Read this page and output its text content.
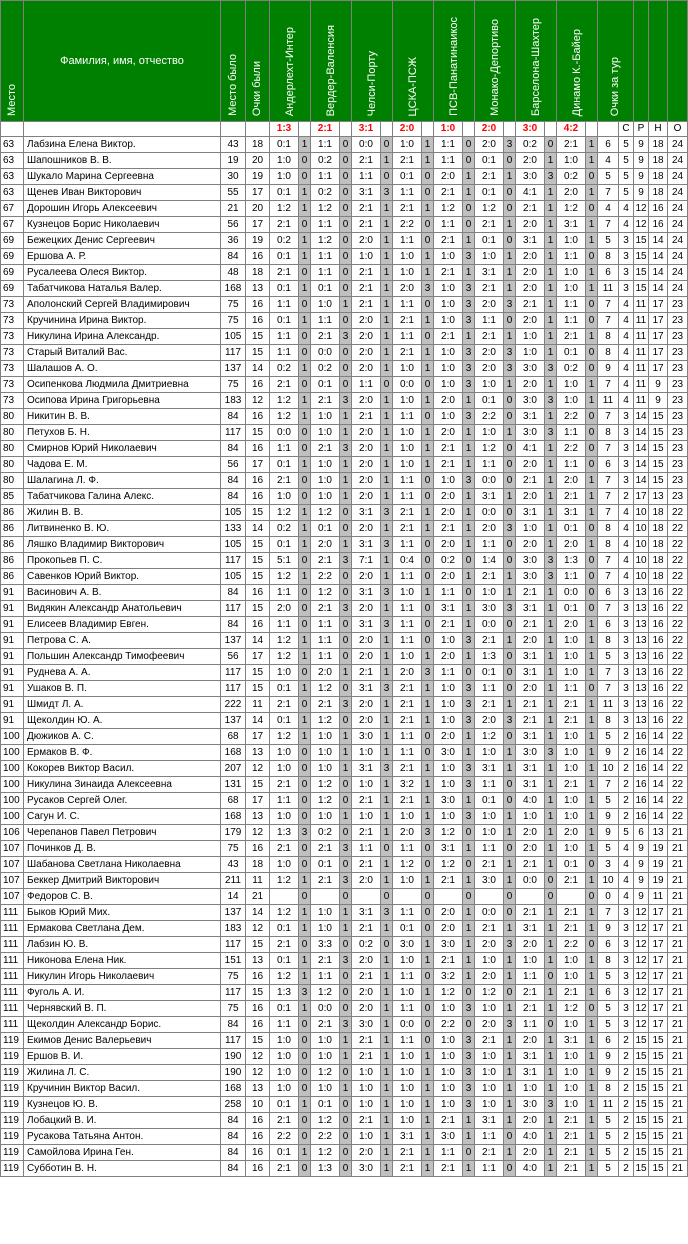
Место	Фамилия, имя, отчество	Место было	Очки были	Андерлехт-Интер		Вердер-Валенсия		Челси-Порту		ЦСКА-ПСЖ		ПСВ-Панатинаикос		Монако-Депортиво		Барселона-Шахтер		Динамо К.-Байер		Очки за тур				
				1:3		2:1		3:1		2:0		1:0		2:0		3:0		4:2			С	Р	Н	О
63	Лабзина Елена Виктор.	43	18	0:1	1	1:1	0	0:0	0	1:0	1	1:1	0	2:0	3	0:2	0	2:1	1	6	5	9	18	24
63	Шапошников В. В.	19	20	1:0	0	0:2	0	2:1	1	2:1	1	1:1	0	0:1	0	2:0	1	1:0	1	4	5	9	18	24
63	Шукало Марина Сергеевна	30	19	1:0	0	1:1	0	1:1	0	0:1	0	2:0	1	2:1	1	3:0	3	0:2	0	5	5	9	18	24
63	Щенев Иван Викторович	55	17	0:1	1	0:2	0	3:1	3	1:1	0	2:1	1	0:1	0	4:1	1	2:0	1	7	5	9	18	24
67	Дорошин Игорь Алексеевич	21	20	1:2	1	1:2	0	2:1	1	2:1	1	1:2	0	1:2	0	2:1	1	1:2	0	4	4	12	16	24
67	Кузнецов Борис Николаевич	56	17	2:1	0	1:1	0	2:1	1	2:2	0	1:1	0	2:1	1	2:0	1	3:1	1	7	4	12	16	24
69	Бежецких Денис Сергеевич	36	19	0:2	1	1:2	0	2:0	1	1:1	0	2:1	1	0:1	0	3:1	1	1:0	1	5	3	15	14	24
69	Ершова А. Р.	84	16	0:1	1	1:1	0	1:0	1	1:0	1	1:0	3	1:0	1	2:0	1	1:1	0	8	3	15	14	24
69	Русалеева Олеся Виктор.	48	18	2:1	0	1:1	0	2:1	1	1:0	1	2:1	1	3:1	1	2:0	1	1:0	1	6	3	15	14	24
69	Табатчикова Наталья Валер.	168	13	0:1	1	0:1	0	2:1	1	2:0	3	1:0	3	2:1	1	2:0	1	1:0	1	11	3	15	14	24
73	Аполонский Сергей Владимирович	75	16	1:1	0	1:0	1	2:1	1	1:1	0	1:0	3	2:0	3	2:1	1	1:1	0	7	4	11	17	23
73	Кручинина Ирина Виктор.	75	16	0:1	1	1:1	0	2:0	1	2:1	1	1:0	3	1:1	0	2:0	1	1:1	0	7	4	11	17	23
73	Никулина Ирина Александр.	105	15	1:1	0	2:1	3	2:0	1	1:1	0	2:1	1	2:1	1	1:0	1	2:1	1	8	4	11	17	23
73	Старый Виталий Вас.	117	15	1:1	0	0:0	0	2:0	1	2:1	1	1:0	3	2:0	3	1:0	1	0:1	0	8	4	11	17	23
73	Шалашов А. О.	137	14	0:2	1	0:2	0	2:0	1	1:0	1	1:0	3	2:0	3	3:0	3	0:2	0	9	4	11	17	23
73	Осипенкова Людмила Дмитриевна	75	16	2:1	0	0:1	0	1:1	0	0:0	0	1:0	3	1:0	1	2:0	1	1:0	1	7	4	11	9	23
73	Осипова Ирина Григорьевна	183	12	1:2	1	2:1	3	2:0	1	1:0	1	2:0	1	0:1	0	3:0	3	1:0	1	11	4	11	9	23
80	Никитин В. В.	84	16	1:2	1	1:0	1	2:1	1	1:1	0	1:0	3	2:2	0	3:1	1	2:2	0	7	3	14	15	23
80	Петухов Б. Н.	117	15	0:0	0	1:0	1	2:0	1	1:0	1	2:0	1	1:0	1	3:0	3	1:1	0	8	3	14	15	23
80	Смирнов Юрий Николаевич	84	16	1:1	0	2:1	3	2:0	1	1:0	1	2:1	1	1:2	0	4:1	1	2:2	0	7	3	14	15	23
80	Чадова Е. М.	56	17	0:1	1	1:0	1	2:0	1	1:0	1	2:1	1	1:1	0	2:0	1	1:1	0	6	3	14	15	23
80	Шалагина Л. Ф.	84	16	2:1	0	1:0	1	2:0	1	1:1	0	1:0	3	0:0	0	2:1	1	2:0	1	7	3	14	15	23
85	Табатчикова Галина Алекс.	84	16	1:0	0	1:0	1	2:0	1	1:1	0	2:0	1	3:1	1	2:0	1	2:1	1	7	2	17	13	23
86	Жилин В. В.	105	15	1:2	1	1:2	0	3:1	3	2:1	1	2:0	1	0:0	0	3:1	1	3:1	1	7	4	10	18	22
86	Литвиненко В. Ю.	133	14	0:2	1	0:1	0	2:0	1	2:1	1	2:1	1	2:0	3	1:0	1	0:1	0	8	4	10	18	22
86	Ляшко Владимир Викторович	105	15	0:1	1	2:0	1	3:1	3	1:1	0	2:0	1	1:1	0	2:0	1	2:0	1	8	4	10	18	22
86	Прокопьев П. С.	117	15	5:1	0	2:1	3	7:1	1	0:4	0	0:2	0	1:4	0	3:0	3	1:3	0	7	4	10	18	22
86	Савенков Юрий Виктор.	105	15	1:2	1	2:2	0	2:0	1	1:1	0	2:0	1	2:1	1	3:0	3	1:1	0	7	4	10	18	22
91	Васинович А. В.	84	16	1:1	0	1:2	0	3:1	3	1:0	1	1:1	0	1:0	1	2:1	1	0:0	0	6	3	13	16	22
91	Видякин Александр Анатольевич	117	15	2:0	0	2:1	3	2:0	1	1:1	0	3:1	1	3:0	3	3:1	1	0:1	0	7	3	13	16	22
91	Елисеев Владимир Евген.	84	16	1:1	0	1:1	0	3:1	3	1:1	0	2:1	1	0:0	0	2:1	1	2:0	1	6	3	13	16	22
91	Петрова С. А.	137	14	1:2	1	1:1	0	2:0	1	1:1	0	1:0	3	2:1	1	2:0	1	1:0	1	8	3	13	16	22
91	Польшин Александр Тимофеевич	56	17	1:2	1	1:1	0	2:0	1	1:0	1	2:0	1	1:3	0	3:1	1	1:0	1	5	3	13	16	22
91	Руднева А. А.	117	15	1:0	0	2:0	1	2:1	1	2:0	3	1:1	0	0:1	0	3:1	1	1:0	1	7	3	13	16	22
91	Ушаков В. П.	117	15	0:1	1	1:2	0	3:1	3	2:1	1	1:0	3	1:1	0	2:0	1	1:1	0	7	3	13	16	22
91	Шмидт Л. А.	222	11	2:1	0	2:1	3	2:0	1	2:1	1	1:0	3	2:1	1	2:1	1	2:1	1	11	3	13	16	22
91	Щеколдин Ю. А.	137	14	0:1	1	1:2	0	2:0	1	2:1	1	1:0	3	2:0	3	2:1	1	2:1	1	8	3	13	16	22
100	Дюжиков А. С.	68	17	1:2	1	1:0	1	3:0	1	1:1	0	2:0	1	1:2	0	3:1	1	1:0	1	5	2	16	14	22
100	Ермаков В. Ф.	168	13	1:0	0	1:0	1	1:0	1	1:1	0	3:0	1	1:0	1	3:0	3	1:0	1	9	2	16	14	22
100	Кокорев Виктор Васил.	207	12	1:0	0	1:0	1	3:1	3	2:1	1	1:0	3	3:1	1	3:1	1	1:0	1	10	2	16	14	22
100	Никулина Зинаида Алексеевна	131	15	2:1	0	1:2	0	1:0	1	3:2	1	1:0	3	1:1	0	3:1	1	2:1	1	7	2	16	14	22
100	Русаков Сергей Олег.	68	17	1:1	0	1:2	0	2:1	1	2:1	1	3:0	1	0:1	0	4:0	1	1:0	1	5	2	16	14	22
100	Сагун И. С.	168	13	1:0	0	1:0	1	1:0	1	1:0	1	1:0	3	1:0	1	1:0	1	1:0	1	9	2	16	14	22
106	Черепанов Павел Петрович	179	12	1:3	3	0:2	0	2:1	1	2:0	3	1:2	0	1:0	1	2:0	1	2:0	1	9	5	6	13	21
107	Починков Д. В.	75	16	2:1	0	2:1	3	1:1	0	1:1	0	3:1	1	1:1	0	2:0	1	1:0	1	5	4	9	19	21
107	Шабанова Светлана Николаевна	43	18	1:0	0	0:1	0	2:1	1	1:2	0	1:2	0	2:1	1	2:1	1	0:1	0	3	4	9	19	21
107	Беккер Дмитрий Викторович	211	11	1:2	1	2:1	3	2:0	1	1:0	1	2:1	1	3:0	1	0:0	0	2:1	1	10	4	9	19	21
107	Федоров С. В.	14	21		0		0		0		0		0		0		0		0	0	4	9	11	21
111	Быков Юрий Мих.	137	14	1:2	1	1:0	1	3:1	3	1:1	0	2:0	1	0:0	0	2:1	1	2:1	1	7	3	12	17	21
111	Ермакова Светлана Дем.	183	12	0:1	1	1:0	1	2:1	1	0:1	0	2:0	1	2:1	1	3:1	1	2:1	1	9	3	12	17	21
111	Лабзин Ю. В.	117	15	2:1	0	3:3	0	0:2	0	3:0	1	3:0	1	2:0	3	2:0	1	2:2	0	6	3	12	17	21
111	Никонова Елена Ник.	151	13	0:1	1	2:1	3	2:0	1	1:0	1	2:1	1	1:0	1	1:0	1	1:0	1	8	3	12	17	21
111	Никулин Игорь Николаевич	75	16	1:2	1	1:1	0	2:1	1	1:1	0	3:2	1	2:0	1	1:1	0	1:0	1	5	3	12	17	21
111	Фуголь А. И.	117	15	1:3	3	1:2	0	2:0	1	1:0	1	1:2	0	1:2	0	2:1	1	2:1	1	6	3	12	17	21
111	Чернявский В. П.	75	16	0:1	1	0:0	0	2:0	1	1:1	0	1:0	3	1:0	1	2:1	1	1:2	0	5	3	12	17	21
111	Щеколдин Александр Борис.	84	16	1:1	0	2:1	3	3:0	1	0:0	0	2:2	0	2:0	3	1:1	0	1:0	1	5	3	12	17	21
119	Екимов Денис Валерьевич	117	15	1:0	0	1:0	1	2:1	1	1:1	0	1:0	3	2:1	1	2:0	1	3:1	1	6	2	15	15	21
119	Ершов В. И.	190	12	1:0	0	1:0	1	2:1	1	1:0	1	1:0	3	1:0	1	3:1	1	1:0	1	9	2	15	15	21
119	Жилина Л. С.	190	12	1:0	0	1:2	0	1:0	1	1:0	1	1:0	3	1:0	1	3:1	1	1:0	1	9	2	15	15	21
119	Кручинин Виктор Васил.	168	13	1:0	0	1:0	1	1:0	1	1:0	1	1:0	3	1:0	1	1:0	1	1:0	1	8	2	15	15	21
119	Кузнецов Ю. В.	258	10	0:1	1	0:1	0	1:0	1	1:0	1	1:0	3	1:0	1	3:0	3	1:0	1	11	2	15	15	21
119	Лобацкий В. И.	84	16	2:1	0	1:2	0	2:1	1	1:0	1	2:1	1	3:1	1	2:0	1	2:1	1	5	2	15	15	21
119	Русакова Татьяна Антон.	84	16	2:2	0	2:2	0	1:0	1	3:1	1	3:0	1	1:1	0	4:0	1	2:1	1	5	2	15	15	21
119	Самойлова Ирина Ген.	84	16	0:1	1	1:2	0	2:0	1	2:1	1	1:1	0	2:1	1	2:0	1	2:1	1	5	2	15	15	21
119	Субботин В. Н.	84	16	2:1	0	1:3	0	3:0	1	2:1	1	2:1	1	1:1	0	4:0	1	2:1	1	5	2	15	15	21
